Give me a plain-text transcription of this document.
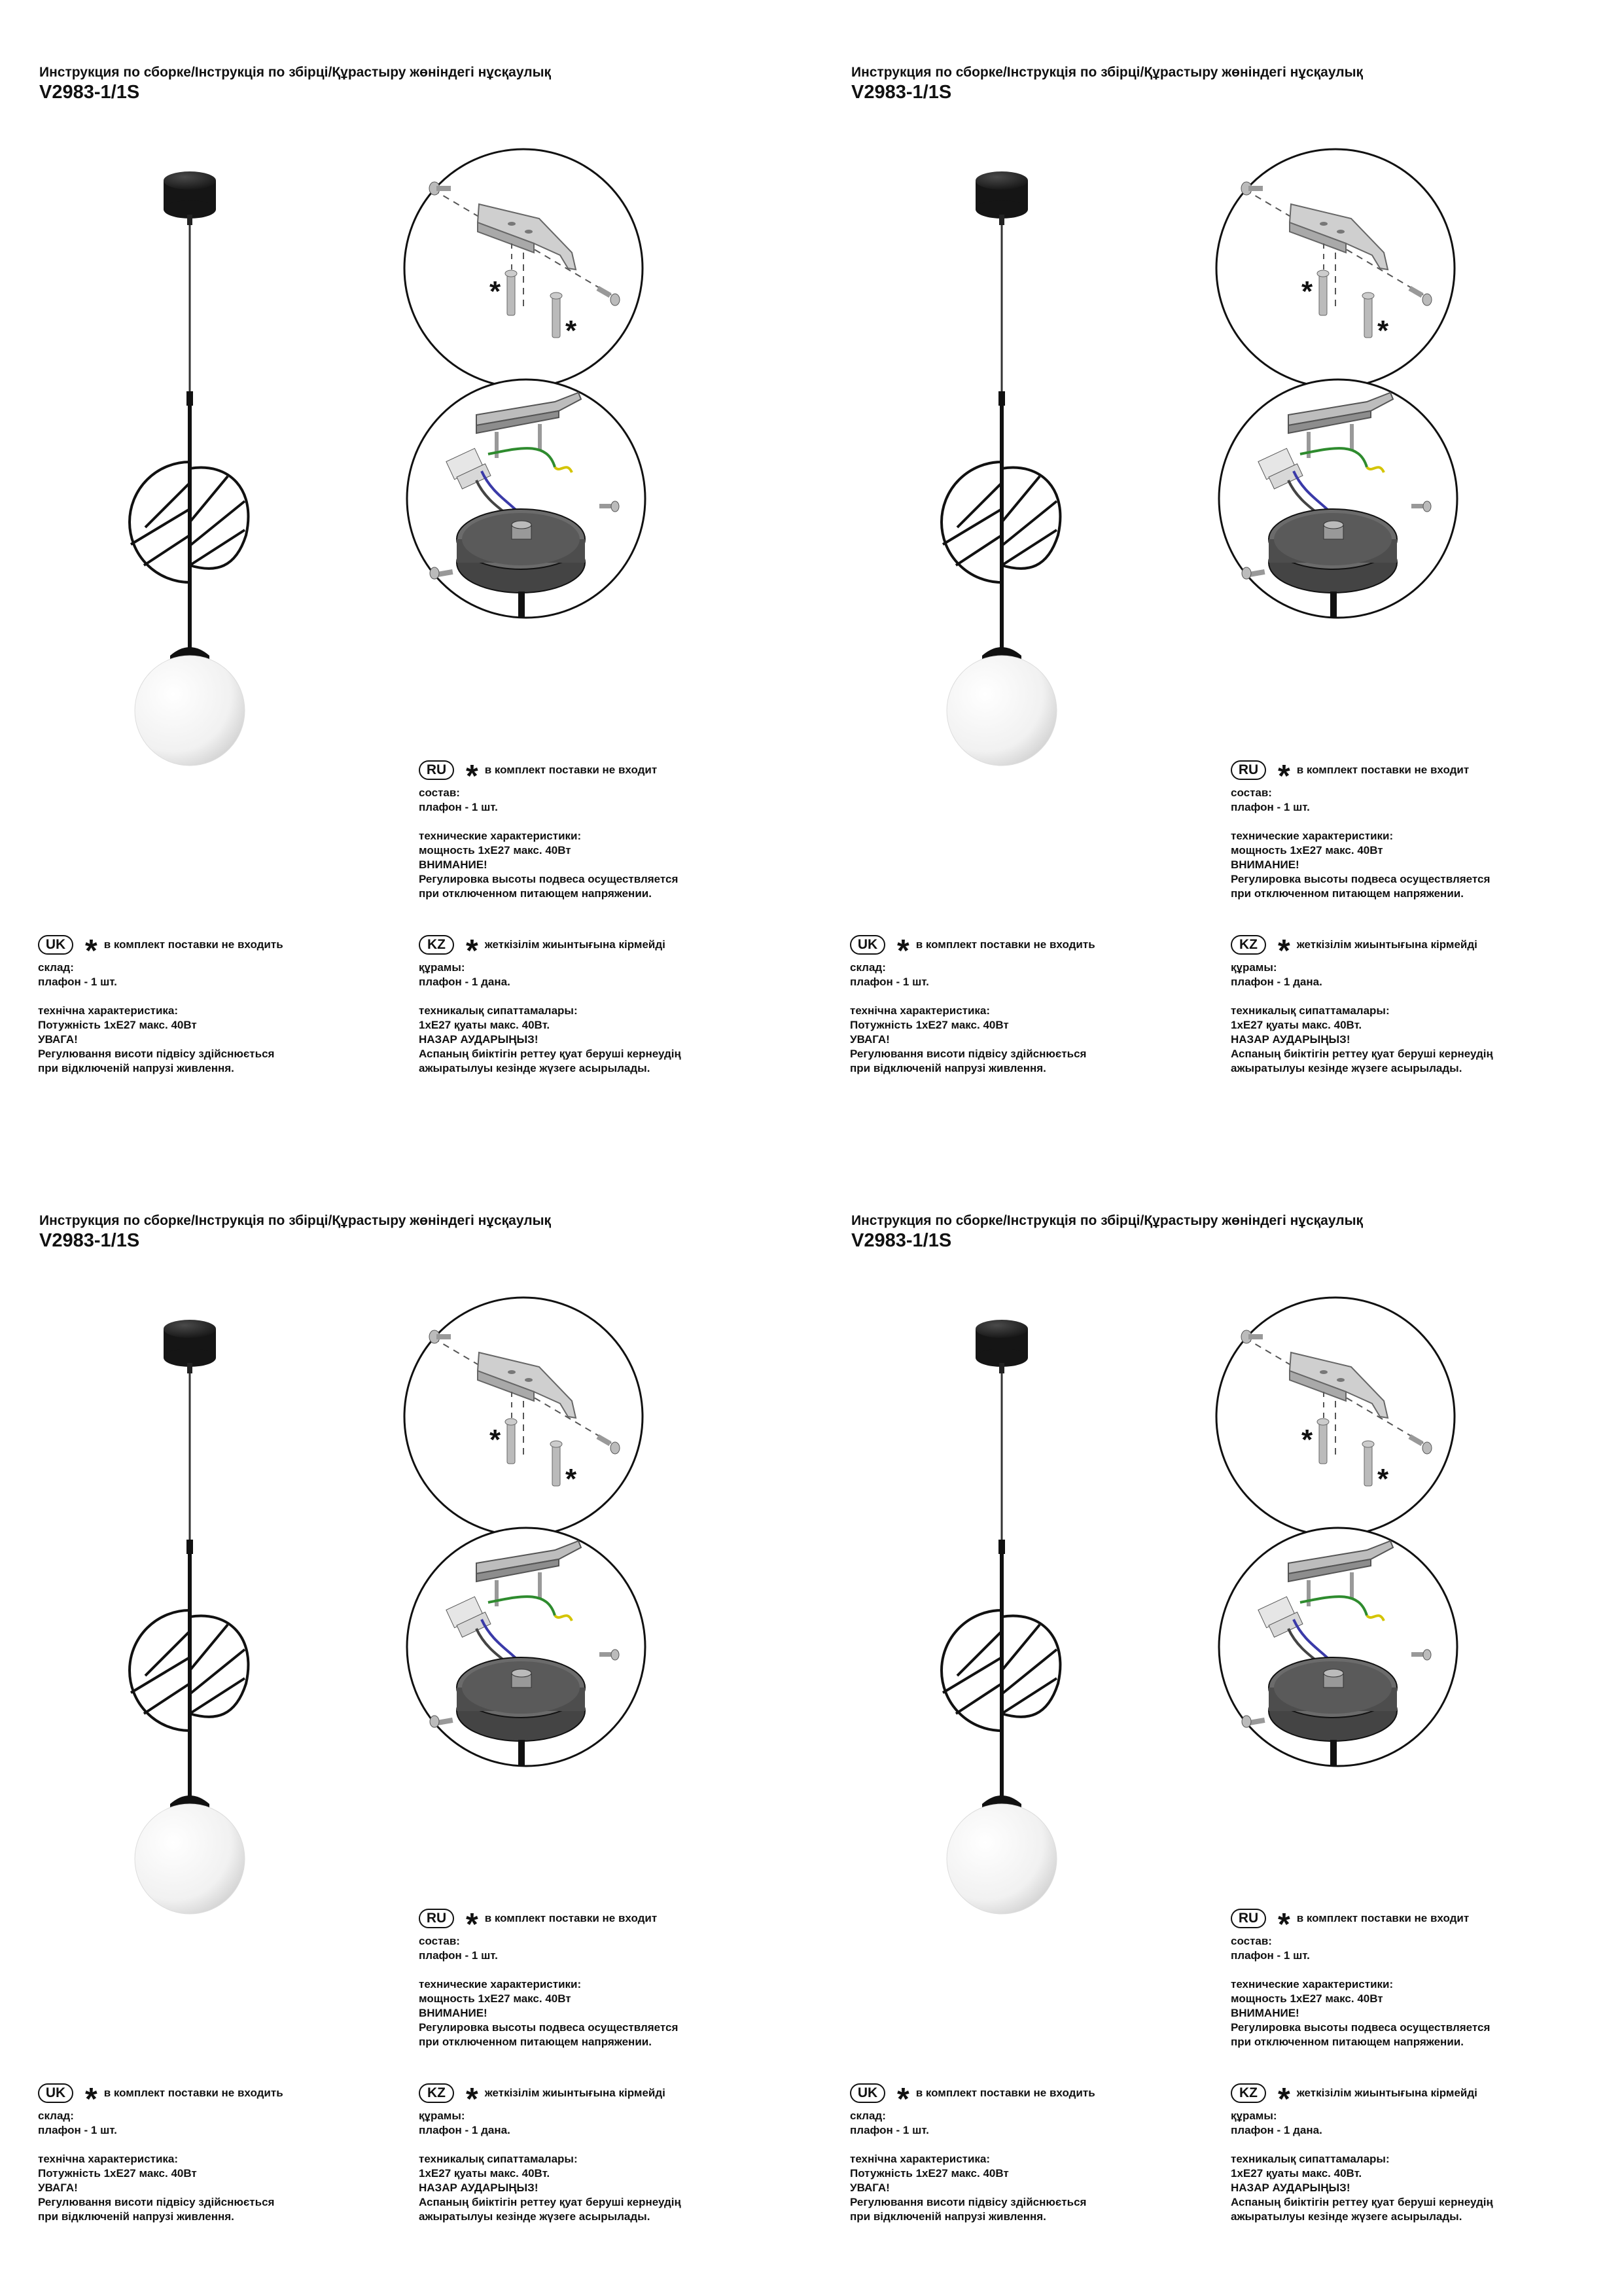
Инструкция по сборке/Інструкція по збірці/Құрастыру жөніндегі нұсқаулық
V2983-1/1S
*
*
RU * в комплект поставки не входит
состав:
плафон - 1 шт.
технические характеристики:
мощность 1xE27 макс. 40Вт
ВНИМАНИЕ!
Регулировка высоты подвеса осуществляется
при отключенном питающем напряжении.
UK * в комплект поставки не входить
склад:
плафон - 1 шт.
технічна характеристика:
Потужність 1xE27 макс. 40Вт
УВАГА!
Регулювання висоти підвісу здійснюється
при відключеній напрузі живлення.
KZ * жеткізілім жиынтығына кірмейді
құрамы:
плафон - 1 дана.
техникалық сипаттамалары:
1xE27 қуаты макс. 40Вт.
НАЗАР АУДАРЫҢЫЗ!
Аспаның биіктігін реттеу қуат беруші кернеудің
ажыратылуы кезінде жүзеге асырылады.
Инструкция по сборке/Інструкція по збірці/Құрастыру жөніндегі нұсқаулық
V2983-1/1S
*
*
RU * в комплект поставки не входит
состав:
плафон - 1 шт.
технические характеристики:
мощность 1xE27 макс. 40Вт
ВНИМАНИЕ!
Регулировка высоты подвеса осуществляется
при отключенном питающем напряжении.
UK * в комплект поставки не входить
склад:
плафон - 1 шт.
технічна характеристика:
Потужність 1xE27 макс. 40Вт
УВАГА!
Регулювання висоти підвісу здійснюється
при відключеній напрузі живлення.
KZ * жеткізілім жиынтығына кірмейді
құрамы:
плафон - 1 дана.
техникалық сипаттамалары:
1xE27 қуаты макс. 40Вт.
НАЗАР АУДАРЫҢЫЗ!
Аспаның биіктігін реттеу қуат беруші кернеудің
ажыратылуы кезінде жүзеге асырылады.
Инструкция по сборке/Інструкція по збірці/Құрастыру жөніндегі нұсқаулық
V2983-1/1S
*
*
RU * в комплект поставки не входит
состав:
плафон - 1 шт.
технические характеристики:
мощность 1xE27 макс. 40Вт
ВНИМАНИЕ!
Регулировка высоты подвеса осуществляется
при отключенном питающем напряжении.
UK * в комплект поставки не входить
склад:
плафон - 1 шт.
технічна характеристика:
Потужність 1xE27 макс. 40Вт
УВАГА!
Регулювання висоти підвісу здійснюється
при відключеній напрузі живлення.
KZ * жеткізілім жиынтығына кірмейді
құрамы:
плафон - 1 дана.
техникалық сипаттамалары:
1xE27 қуаты макс. 40Вт.
НАЗАР АУДАРЫҢЫЗ!
Аспаның биіктігін реттеу қуат беруші кернеудің
ажыратылуы кезінде жүзеге асырылады.
Инструкция по сборке/Інструкція по збірці/Құрастыру жөніндегі нұсқаулық
V2983-1/1S
*
*
RU * в комплект поставки не входит
состав:
плафон - 1 шт.
технические характеристики:
мощность 1xE27 макс. 40Вт
ВНИМАНИЕ!
Регулировка высоты подвеса осуществляется
при отключенном питающем напряжении.
UK * в комплект поставки не входить
склад:
плафон - 1 шт.
технічна характеристика:
Потужність 1xE27 макс. 40Вт
УВАГА!
Регулювання висоти підвісу здійснюється
при відключеній напрузі живлення.
KZ * жеткізілім жиынтығына кірмейді
құрамы:
плафон - 1 дана.
техникалық сипаттамалары:
1xE27 қуаты макс. 40Вт.
НАЗАР АУДАРЫҢЫЗ!
Аспаның биіктігін реттеу қуат беруші кернеудің
ажыратылуы кезінде жүзеге асырылады.
